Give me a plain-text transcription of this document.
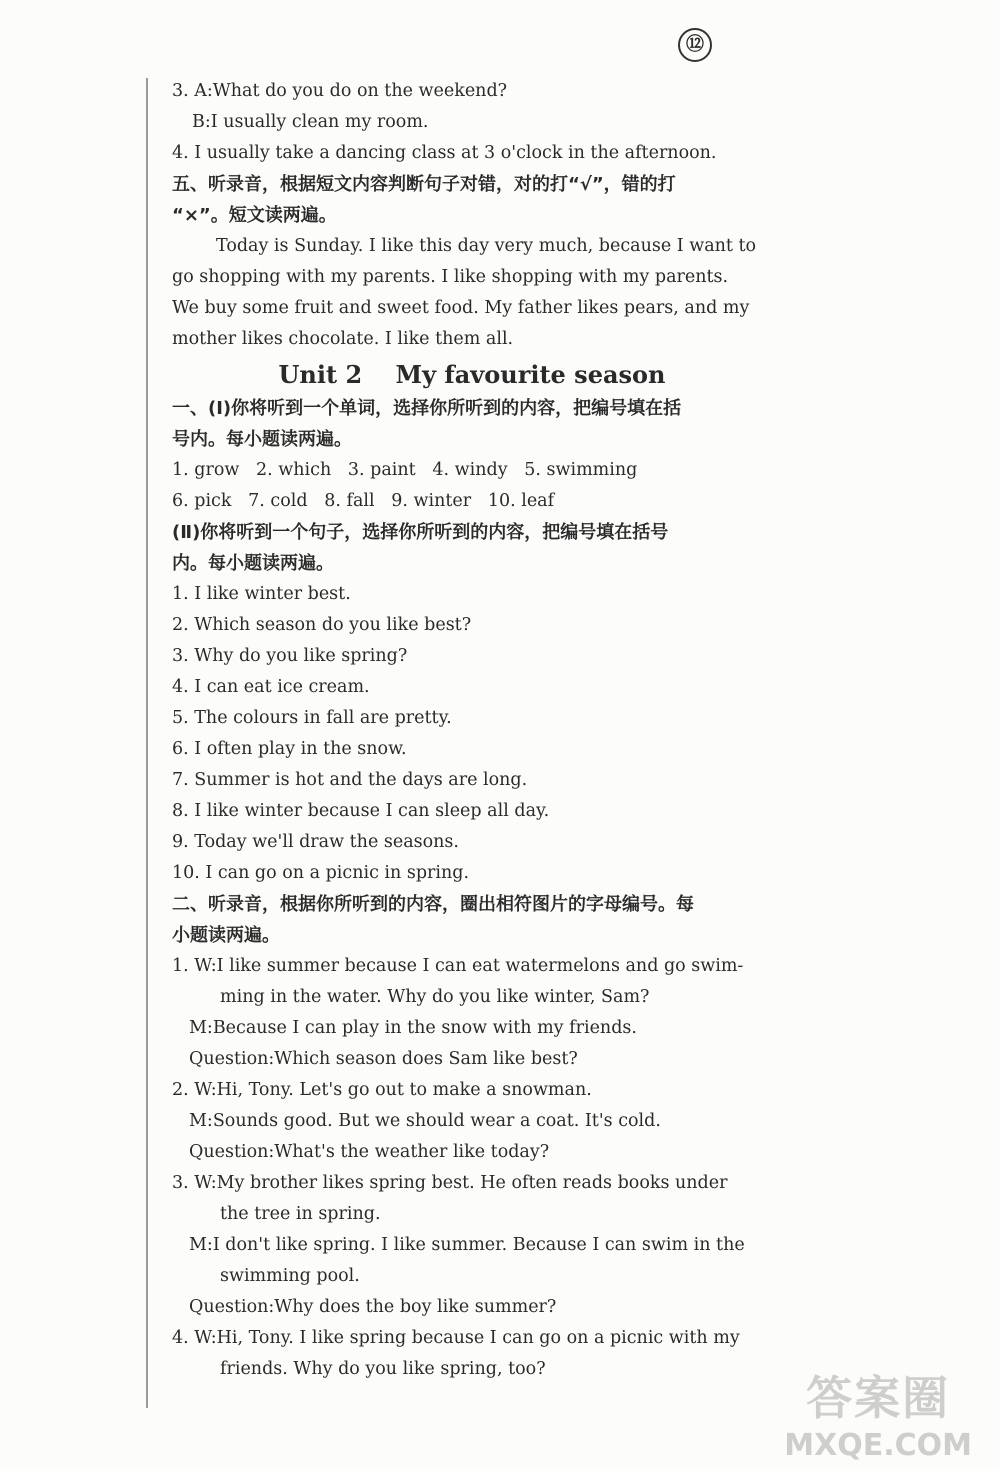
⑫
3. A:What do you do on the weekend?
B:I usually clean my room.
4. I usually take a dancing class at 3 o'clock in the afternoon.
五、听录音，根据短文内容判断句子对错，对的打“√”，错的打
“×”。短文读两遍。
Today is Sunday. I like this day very much, because I want to
go shopping with my parents. I like shopping with my parents.
We buy some fruit and sweet food. My father likes pears, and my
mother likes chocolate. I like them all.
Unit 2    My favourite season
一、(Ⅰ)你将听到一个单词，选择你所听到的内容，把编号填在括
号内。每小题读两遍。
1. grow   2. which   3. paint   4. windy   5. swimming
6. pick   7. cold   8. fall   9. winter   10. leaf
(Ⅱ)你将听到一个句子，选择你所听到的内容，把编号填在括号
内。每小题读两遍。
1. I like winter best.
2. Which season do you like best?
3. Why do you like spring?
4. I can eat ice cream.
5. The colours in fall are pretty.
6. I often play in the snow.
7. Summer is hot and the days are long.
8. I like winter because I can sleep all day.
9. Today we'll draw the seasons.
10. I can go on a picnic in spring.
二、听录音，根据你所听到的内容，圈出相符图片的字母编号。每
小题读两遍。
1. W:I like summer because I can eat watermelons and go swim-
ming in the water. Why do you like winter, Sam?
M:Because I can play in the snow with my friends.
Question:Which season does Sam like best?
2. W:Hi, Tony. Let's go out to make a snowman.
M:Sounds good. But we should wear a coat. It's cold.
Question:What's the weather like today?
3. W:My brother likes spring best. He often reads books under
the tree in spring.
M:I don't like spring. I like summer. Because I can swim in the
swimming pool.
Question:Why does the boy like summer?
4. W:Hi, Tony. I like spring because I can go on a picnic with my
friends. Why do you like spring, too?
答案圈
MXQE.COM
